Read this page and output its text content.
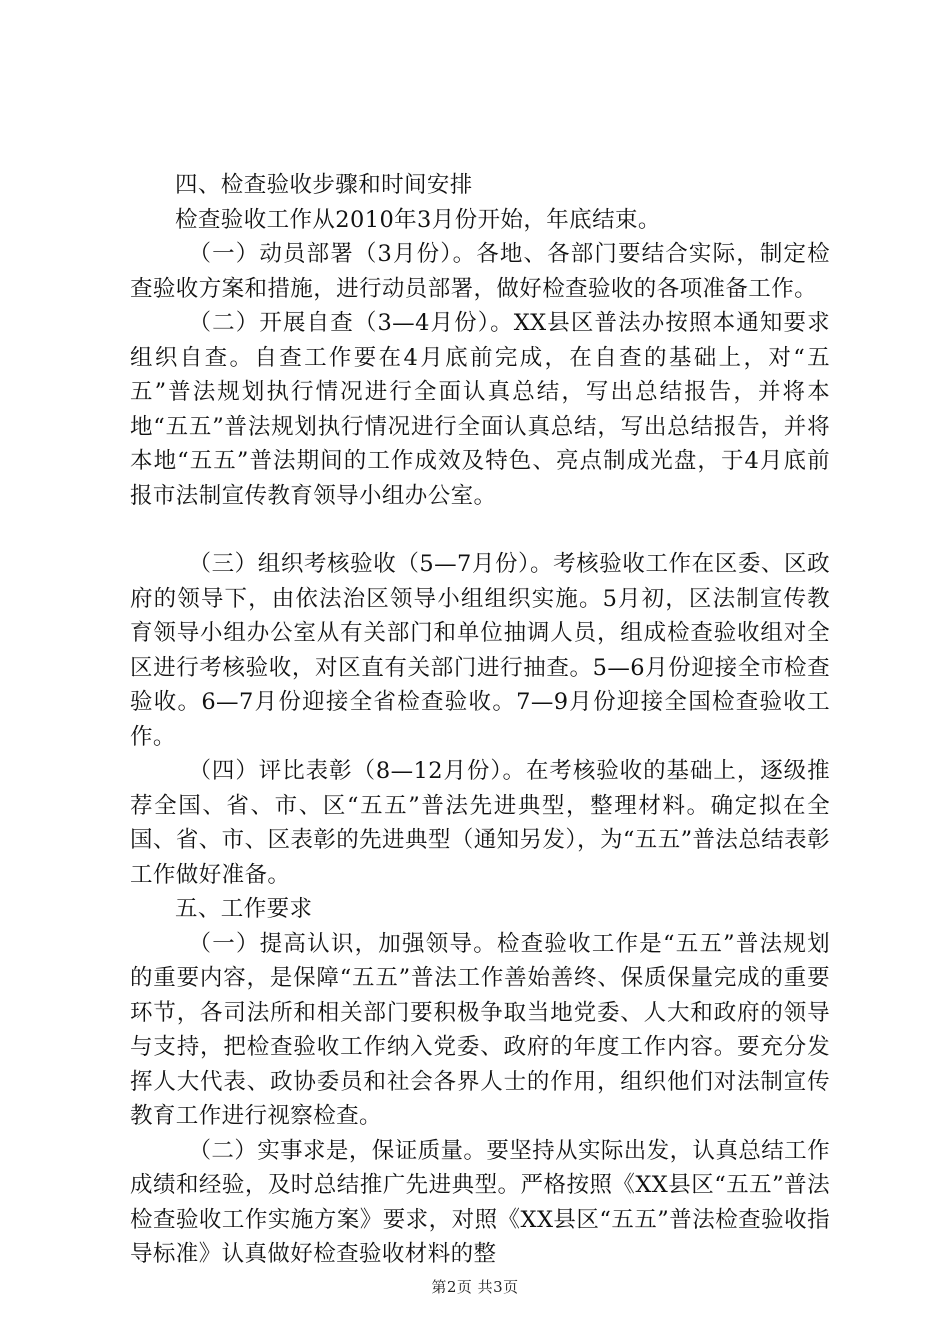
四、检查验收步骤和时间安排

检查验收工作从2010年3月份开始，年底结束。

（一）动员部署（3月份）。各地、各部门要结合实际，制定检查验收方案和措施，进行动员部署，做好检查验收的各项准备工作。

（二）开展自查（3—4月份）。XX县区普法办按照本通知要求组织自查。自查工作要在4月底前完成，在自查的基础上，对“五五”普法规划执行情况进行全面认真总结，写出总结报告，并将本地“五五”普法规划执行情况进行全面认真总结，写出总结报告，并将本地“五五”普法期间的工作成效及特色、亮点制成光盘，于4月底前报市法制宣传教育领导小组办公室。

（三）组织考核验收（5—7月份）。考核验收工作在区委、区政府的领导下，由依法治区领导小组组织实施。5月初，区法制宣传教育领导小组办公室从有关部门和单位抽调人员，组成检查验收组对全区进行考核验收，对区直有关部门进行抽查。5—6月份迎接全市检查验收。6—7月份迎接全省检查验收。7—9月份迎接全国检查验收工作。

（四）评比表彰（8—12月份）。在考核验收的基础上，逐级推荐全国、省、市、区“五五”普法先进典型，整理材料。确定拟在全国、省、市、区表彰的先进典型（通知另发），为“五五”普法总结表彰工作做好准备。

五、工作要求

（一）提高认识，加强领导。检查验收工作是“五五”普法规划的重要内容，是保障“五五”普法工作善始善终、保质保量完成的重要环节，各司法所和相关部门要积极争取当地党委、人大和政府的领导与支持，把检查验收工作纳入党委、政府的年度工作内容。要充分发挥人大代表、政协委员和社会各界人士的作用，组织他们对法制宣传教育工作进行视察检查。

（二）实事求是，保证质量。要坚持从实际出发，认真总结工作成绩和经验，及时总结推广先进典型。严格按照《XX县区“五五”普法检查验收工作实施方案》要求，对照《XX县区“五五”普法检查验收指导标准》认真做好检查验收材料的整

第2页 共3页
